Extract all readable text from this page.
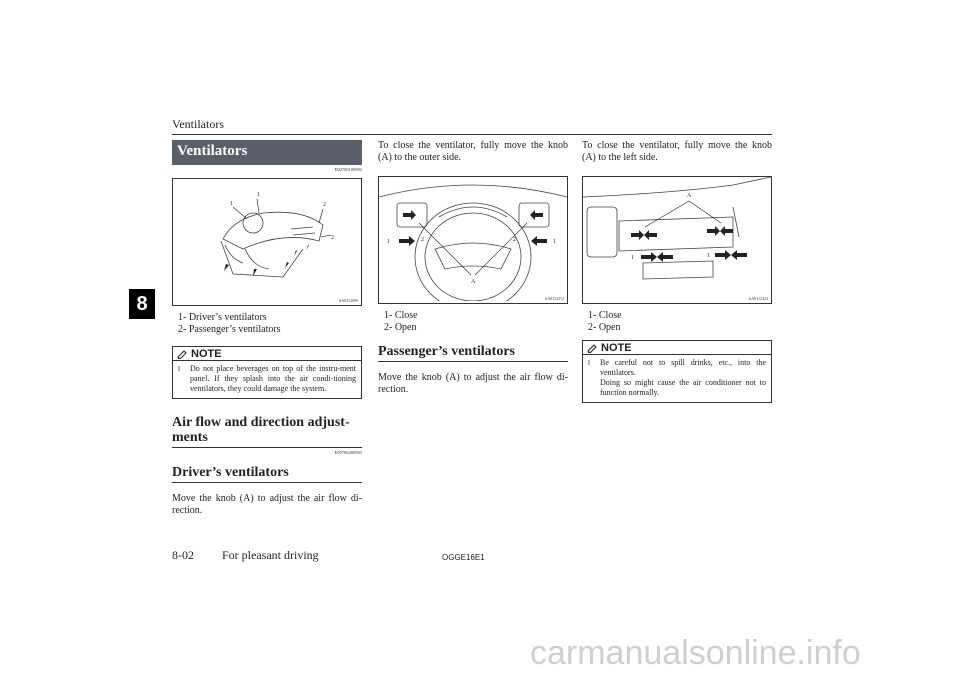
Ventilators
8
Ventilators
E00700100982
1
1
2
2
AA0112099
1- Driver’s ventilators
2- Passenger’s ventilators
NOTE
l	Do not place beverages on top of the instru-ment panel. If they splash into the air condi-tioning ventilators, they could damage the system.
Air flow and direction adjust-ments
E00700200983
Driver’s ventilators
Move the knob (A) to adjust the air flow di-rection.
To close the ventilator, fully move the knob (A) to the outer side.
1	2	2	1
A
AA0112312
1- Close
2- Open
Passenger’s ventilators
Move the knob (A) to adjust the air flow di-rection.
To close the ventilator, fully move the knob (A) to the left side.
A
1	2	1	2
AA0112323
1- Close
2- Open
NOTE
l	Be careful not to spill drinks, etc., into the ventilators.
Doing so might cause the air conditioner not to function normally.
8-02 For pleasant driving	OGGE16E1
carmanualsonline.info
